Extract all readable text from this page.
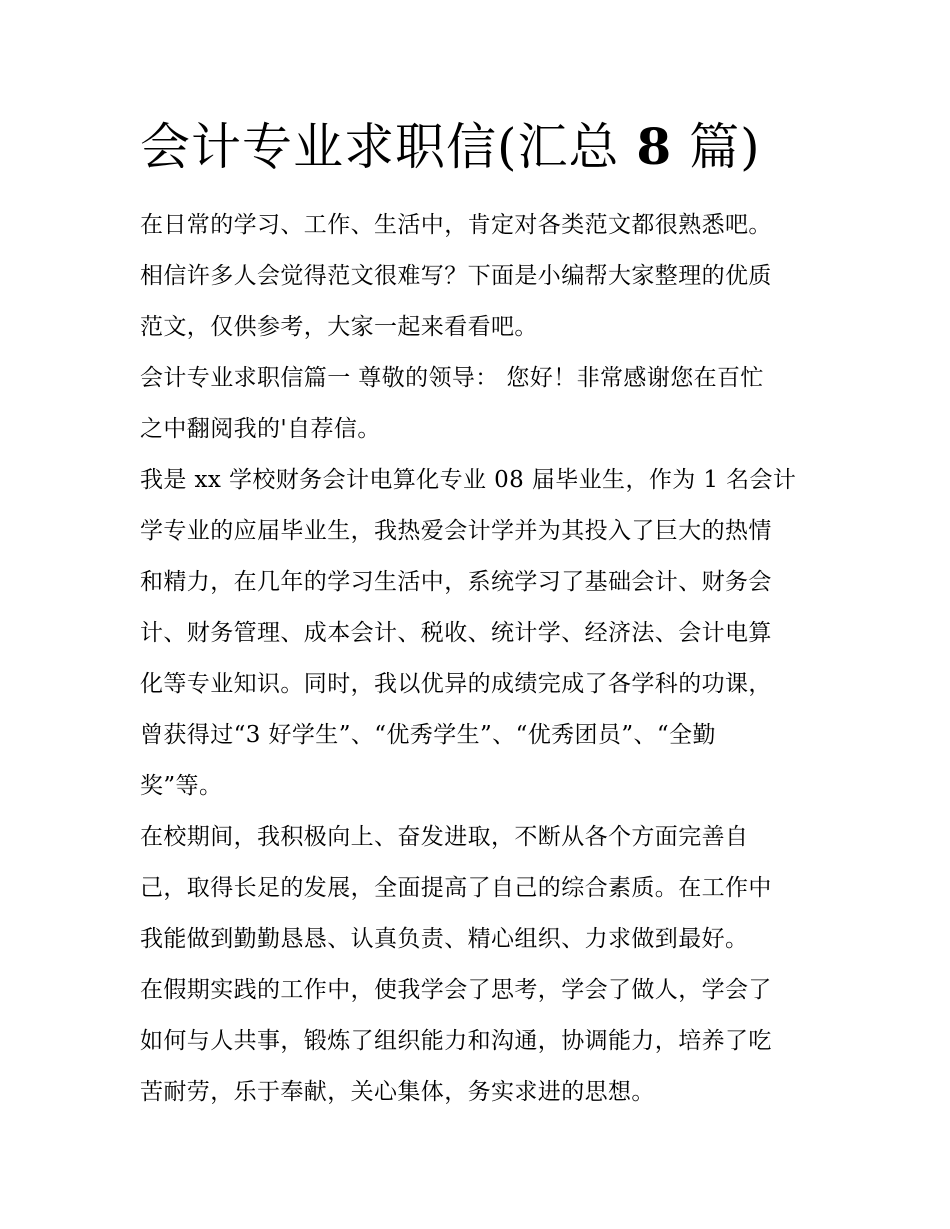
会计专业求职信(汇总 8 篇)
在日常的学习、工作、生活中，肯定对各类范文都很熟悉吧。
相信许多人会觉得范文很难写？下面是小编帮大家整理的优质
范文，仅供参考，大家一起来看看吧。
会计专业求职信篇一 尊敬的领导： 您好！非常感谢您在百忙
之中翻阅我的'自荐信。
我是 xx 学校财务会计电算化专业 08 届毕业生，作为 1 名会计
学专业的应届毕业生，我热爱会计学并为其投入了巨大的热情
和精力，在几年的学习生活中，系统学习了基础会计、财务会
计、财务管理、成本会计、税收、统计学、经济法、会计电算
化等专业知识。同时，我以优异的成绩完成了各学科的功课，
曾获得过“3 好学生”、“优秀学生”、“优秀团员”、“全勤
奖”等。
在校期间，我积极向上、奋发进取，不断从各个方面完善自
己，取得长足的发展，全面提高了自己的综合素质。在工作中
我能做到勤勤恳恳、认真负责、精心组织、力求做到最好。
在假期实践的工作中，使我学会了思考，学会了做人，学会了
如何与人共事，锻炼了组织能力和沟通，协调能力，培养了吃
苦耐劳，乐于奉献，关心集体，务实求进的思想。
